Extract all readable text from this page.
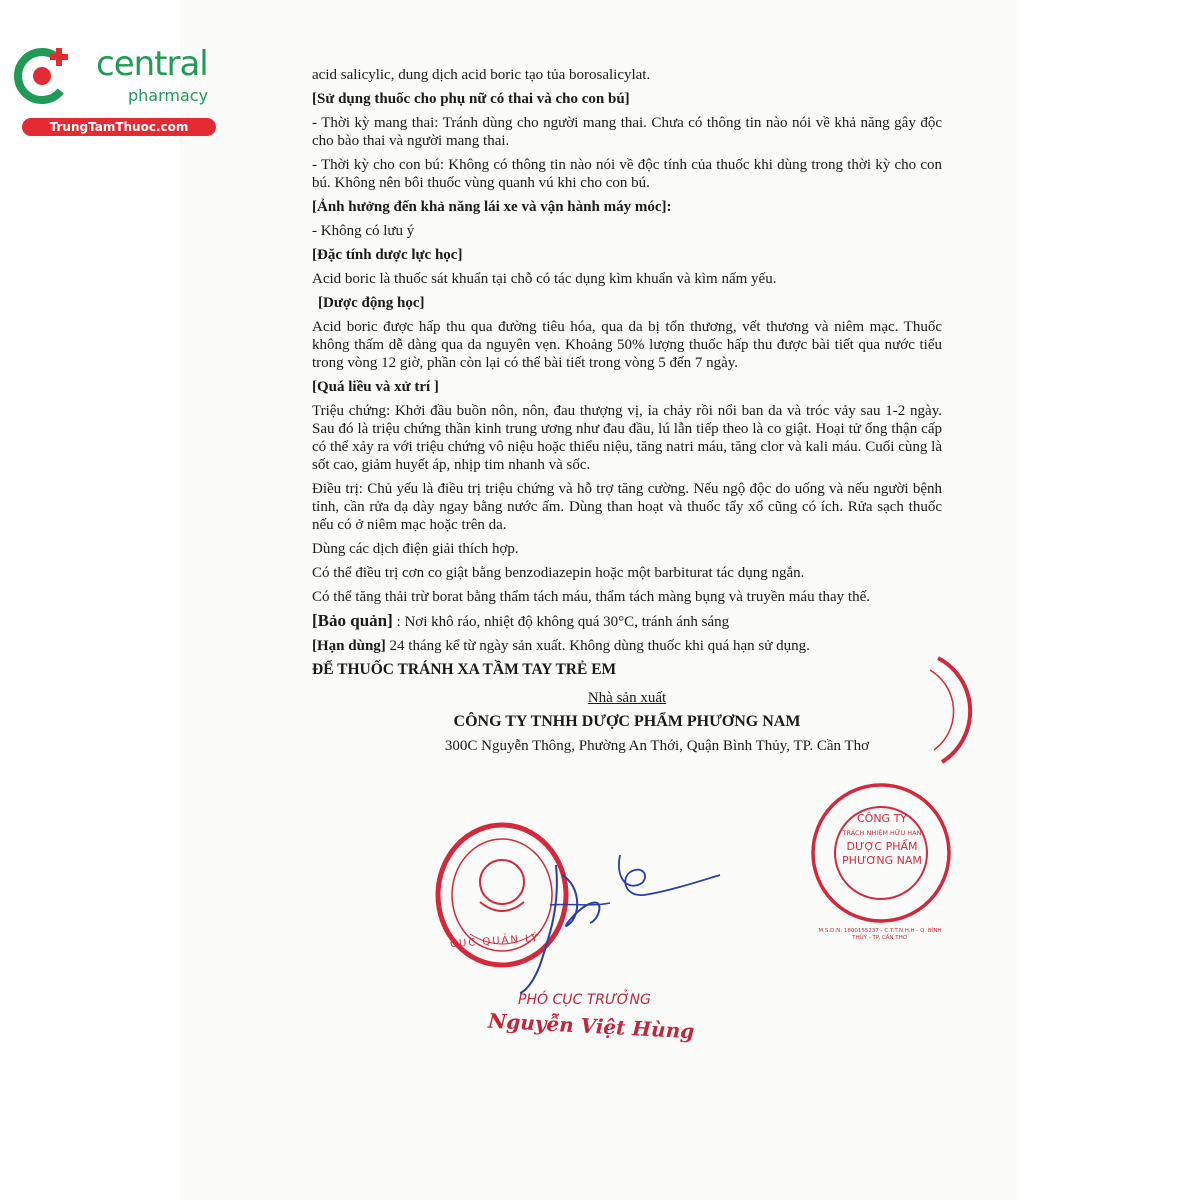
central
pharmacy
TrungTamThuoc.com

acid salicylic, dung dịch acid boric tạo tủa borosalicylat.

[Sử dụng thuốc cho phụ nữ có thai và cho con bú]

- Thời kỳ mang thai: Tránh dùng cho người mang thai. Chưa có thông tin nào nói về khả năng gây độc cho bào thai và người mang thai.

- Thời kỳ cho con bú: Không có thông tin nào nói về độc tính của thuốc khi dùng trong thời kỳ cho con bú. Không nên bôi thuốc vùng quanh vú khi cho con bú.

[Ảnh hưởng đến khả năng lái xe và vận hành máy móc]:

- Không có lưu ý

[Đặc tính dược lực học]

Acid boric là thuốc sát khuẩn tại chỗ có tác dụng kìm khuẩn và kìm nấm yếu.

[Dược động học]

Acid boric được hấp thu qua đường tiêu hóa, qua da bị tổn thương, vết thương và niêm mạc. Thuốc không thấm dễ dàng qua da nguyên vẹn. Khoảng 50% lượng thuốc hấp thu được bài tiết qua nước tiểu trong vòng 12 giờ, phần còn lại có thể bài tiết trong vòng 5 đến 7 ngày.

[Quá liều và xử trí ]

Triệu chứng: Khởi đầu buồn nôn, nôn, đau thượng vị, ỉa chảy rồi nổi ban da và tróc vảy sau 1-2 ngày. Sau đó là triệu chứng thần kinh trung ương như đau đầu, lú lẫn tiếp theo là co giật. Hoại tử ống thận cấp có thể xảy ra với triệu chứng vô niệu hoặc thiểu niệu, tăng natri máu, tăng clor và kali máu. Cuối cùng là sốt cao, giảm huyết áp, nhịp tim nhanh và sốc.

Điều trị: Chủ yếu là điều trị triệu chứng và hỗ trợ tăng cường. Nếu ngộ độc do uống và nếu người bệnh tỉnh, cần rửa dạ dày ngay bằng nước ấm. Dùng than hoạt và thuốc tẩy xổ cũng có ích. Rửa sạch thuốc nếu có ở niêm mạc hoặc trên da.

Dùng các dịch điện giải thích hợp.

Có thể điều trị cơn co giật bằng benzodiazepin hoặc một barbiturat tác dụng ngắn.

Có thể tăng thải trừ borat bằng thẩm tách máu, thẩm tách màng bụng và truyền máu thay thế.

[Bảo quản] : Nơi khô ráo, nhiệt độ không quá 30°C, tránh ánh sáng

[Hạn dùng] 24 tháng kể từ ngày sản xuất. Không dùng thuốc khi quá hạn sử dụng.

ĐỂ THUỐC TRÁNH XA TẦM TAY TRẺ EM

Nhà sản xuất

CÔNG TY TNHH DƯỢC PHẨM PHƯƠNG NAM

300C Nguyễn Thông, Phường An Thới, Quận Bình Thủy, TP. Cần Thơ

CỤC QUẢN LÝ
M.S.D.N: 1800155237 - C.T.T.N.H.H - Q. BÌNH THỦY - TP. CẦN THƠ
CÔNG TY
TRÁCH NHIỆM HỮU HẠN
DƯỢC PHẨM
PHƯƠNG NAM
PHÓ CỤC TRƯỞNG
Nguyễn Việt Hùng
